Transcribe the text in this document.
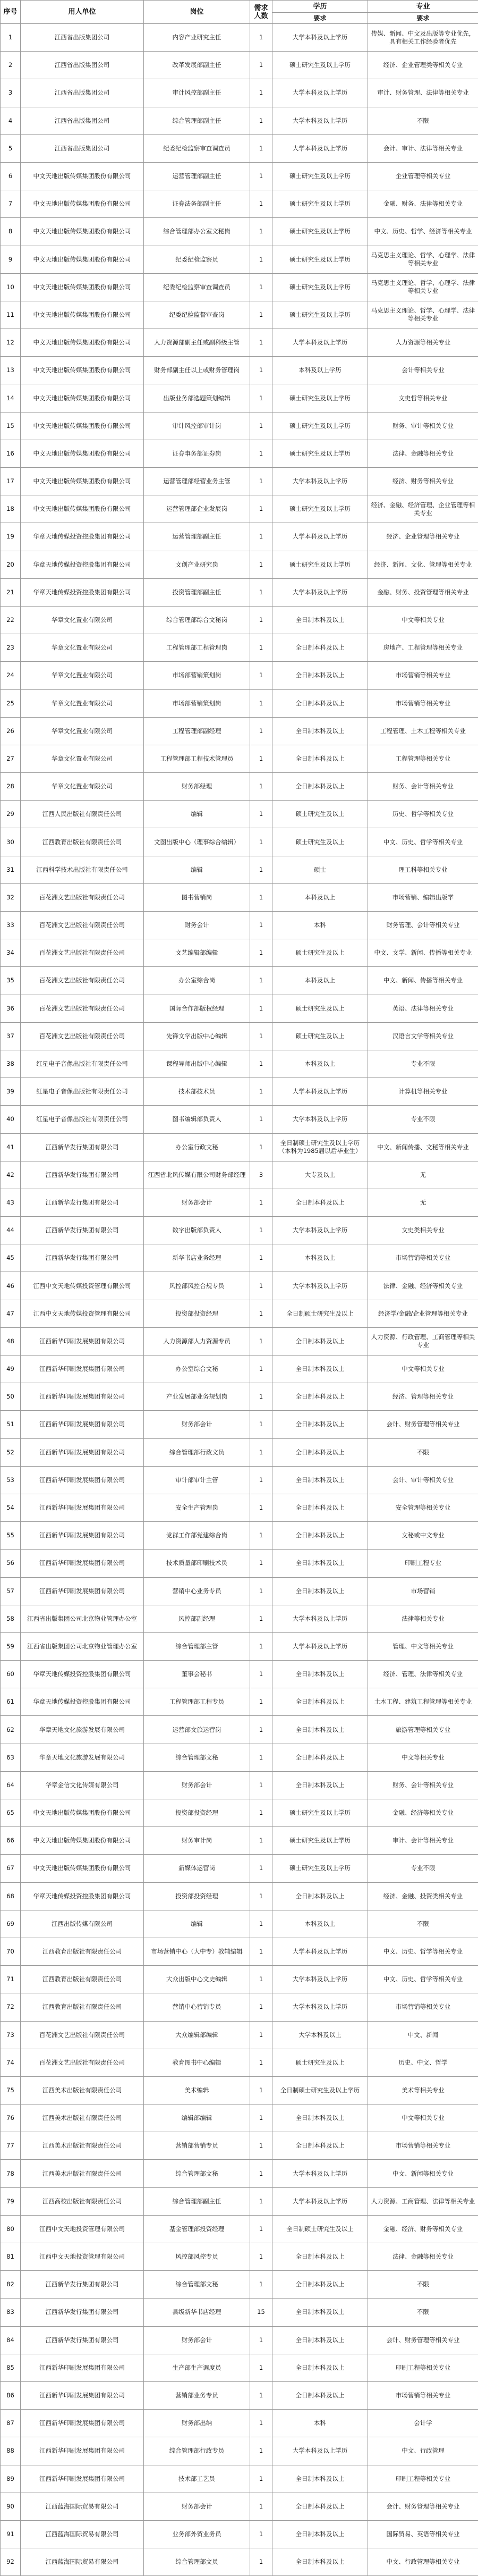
序号	用人单位	岗位	需求人数	学历	专业
				要求	要求
1	江西省出版集团公司	内容产业研究主任	1	大学本科及以上学历	传媒、新闻、中文及出版等专业优先，具有相关工作经验者优先
2	江西省出版集团公司	改革发展部副主任	1	硕士研究生及以上学历	经济、企业管理类等相关专业
3	江西省出版集团公司	审计风控部副主任	1	大学本科及以上学历	审计、财务管理、法律等相关专业
4	江西省出版集团公司	综合管理部副主任	1	大学本科及以上学历	不限
5	江西省出版集团公司	纪委纪检监察审查调查员	1	大学本科及以上学历	会计、审计、法律等相关专业
6	中文天地出版传媒集团股份有限公司	运营管理部副主任	1	硕士研究生及以上学历	企业管理等相关专业
7	中文天地出版传媒集团股份有限公司	证券法务部副主任	1	硕士研究生及以上学历	金融、财务、法律等相关专业
8	中文天地出版传媒集团股份有限公司	综合管理部办公室文秘岗	1	硕士研究生及以上学历	中文、历史、哲学、经济等相关专业
9	中文天地出版传媒集团股份有限公司	纪委纪检监察员	1	硕士研究生及以上学历	马克思主义理论、哲学、心理学、法律等相关专业
10	中文天地出版传媒集团股份有限公司	纪委纪检监察审查调查员	1	硕士研究生及以上学历	马克思主义理论、哲学、心理学、法律等相关专业
11	中文天地出版传媒集团股份有限公司	纪委纪检监督审查岗	1	硕士研究生及以上学历	马克思主义理论、哲学、心理学、法律等相关专业
12	中文天地出版传媒集团股份有限公司	人力资源部副主任或副科级主管	1	大学本科及以上学历	人力资源等相关专业
13	中文天地出版传媒集团股份有限公司	财务部副主任以上或财务管理岗	1	本科及以上学历	会计等相关专业
14	中文天地出版传媒集团股份有限公司	出版业务部选题策划编辑	1	硕士研究生及以上学历	文史哲等相关专业
15	中文天地出版传媒集团股份有限公司	审计风控部审计岗	1	硕士研究生及以上学历	财务、审计等相关专业
16	中文天地出版传媒集团股份有限公司	证券事务部证券岗	1	硕士研究生及以上学历	法律、金融等相关专业
17	中文天地出版传媒集团股份有限公司	运营管理部经营业务主管	1	大学本科及以上学历	经济、财务等相关专业
18	中文天地出版传媒集团股份有限公司	运营管理部企业发展岗	1	硕士研究生及以上学历	经济、金融、经济管理、企业管理等相关专业
19	华章天地传媒投资控股集团有限公司	运营管理部副主任	1	大学本科及以上学历	经济、企业管理等相关专业
20	华章天地传媒投资控股集团有限公司	文创产业研究岗	1	硕士研究生及以上学历	经济、新闻、文化、管理等相关专业
21	华章天地传媒投资控股集团有限公司	投资管理部副主任	1	大学本科及以上学历	金融、财务、投资管理等相关专业
22	华章文化置业有限公司	综合管理部综合文秘岗	1	全日制本科及以上	中文等相关专业
23	华章文化置业有限公司	工程管理部工程管理岗	1	全日制本科及以上	房地产、工程管理等相关专业
24	华章文化置业有限公司	市场部营销策划岗	1	全日制本科及以上	市场营销等相关专业
25	华章文化置业有限公司	市场部营销策划岗	1	全日制本科及以上	市场营销等相关专业
26	华章文化置业有限公司	工程管理部副经理	1	全日制本科及以上	工程管理、土木工程等相关专业
27	华章文化置业有限公司	工程管理部工程技术管理员	1	全日制本科及以上	工程管理等相关专业
28	华章文化置业有限公司	财务部经理	1	全日制本科及以上	财务、会计等相关专业
29	江西人民出版社有限责任公司	编辑	1	硕士研究生及以上	历史、哲学等相关专业
30	江西教育出版社有限责任公司	文图出版中心（理事综合编辑）	1	硕士研究生及以上	中文、历史、哲学等相关专业
31	江西科学技术出版社有限责任公司	编辑	1	硕士	理工科等相关专业
32	百花洲文艺出版社有限责任公司	图书营销岗	1	本科及以上	市场营销、编辑出版学
33	百花洲文艺出版社有限责任公司	财务会计	1	本科	财务管理、会计等相关专业
34	百花洲文艺出版社有限责任公司	文艺编辑部编辑	1	硕士研究生及以上	中文、文学、新闻、传播等相关专业
35	百花洲文艺出版社有限责任公司	办公室综合岗	1	本科及以上	中文、新闻、传播等相关专业
36	百花洲文艺出版社有限责任公司	国际合作部版权经理	1	硕士研究生及以上	英语、法律等相关专业
37	百花洲文艺出版社有限责任公司	先锋文学出版中心编辑	1	硕士研究生及以上	汉语言文学等相关专业
38	红星电子音像出版社有限责任公司	课程导师出版中心编辑	1	本科及以上	专业不限
39	红星电子音像出版社有限责任公司	技术部技术员	1	大学本科及以上学历	计算机等相关专业
40	红星电子音像出版社有限责任公司	图书编辑部负责人	1	大学本科及以上学历	专业不限
41	江西新华发行集团有限公司	办公室行政文秘	1	全日制硕士研究生及以上学历（本科为1985届以后毕业生）	中文、新闻传播、文秘等相关专业
42	江西新华发行集团有限公司	江西省北风传媒有限公司财务部经理	3	大专及以上	无
43	江西新华发行集团有限公司	财务部会计	1	全日制本科及以上	无
44	江西新华发行集团有限公司	数字出版部负责人	1	大学本科及以上学历	文史类相关专业
45	江西新华发行集团有限公司	新华书店业务经理	1	本科及以上	市场营销等相关专业
46	江西中文天地传媒投资管理有限公司	风控部风控合规专员	1	大学本科及以上学历	法律、金融、经济等相关专业
47	江西中文天地传媒投资管理有限公司	投资部投资经理	1	全日制硕士研究生及以上	经济学/金融/企业管理等相关专业
48	江西新华印刷发展集团有限公司	人力资源部人力资源专员	1	全日制本科及以上	人力资源、行政管理、工商管理等相关专业
49	江西新华印刷发展集团有限公司	办公室综合文秘	1	全日制本科及以上	中文等相关专业
50	江西新华印刷发展集团有限公司	产业发展部业务规划岗	1	全日制本科及以上	经济、管理等相关专业
51	江西新华印刷发展集团有限公司	财务部会计	1	全日制本科及以上	会计、财务管理等相关专业
52	江西新华印刷发展集团有限公司	综合管理部行政文员	1	全日制本科及以上	不限
53	江西新华印刷发展集团有限公司	审计部审计主管	1	全日制本科及以上	会计、审计等相关专业
54	江西新华印刷发展集团有限公司	安全生产管理岗	1	全日制本科及以上	安全管理等相关专业
55	江西新华印刷发展集团有限公司	党群工作部党建综合岗	1	全日制本科及以上	文秘或中文专业
56	江西新华印刷发展集团有限公司	技术质量部印刷技术员	1	全日制本科及以上	印刷工程专业
57	江西新华印刷发展集团有限公司	营销中心业务专员	1	全日制本科及以上	市场营销
58	江西省出版集团公司北京物业管理办公室	风控部副经理	1	大学本科及以上学历	法律等相关专业
59	江西省出版集团公司北京物业管理办公室	综合管理部主管	1	大学本科及以上学历	管理、中文等相关专业
60	华章天地传媒投资控股集团有限公司	董事会秘书	1	全日制本科及以上	经济、管理、法律等相关专业
61	华章天地传媒投资控股集团有限公司	工程管理部工程专员	1	全日制本科及以上	土木工程、建筑工程管理等相关专业
62	华章天地文化旅游发展有限公司	运营部文旅运营岗	1	全日制本科及以上	旅游管理等相关专业
63	华章天地文化旅游发展有限公司	综合管理部文秘	1	全日制本科及以上	中文等相关专业
64	华章金信文化传媒有限公司	财务部会计	1	全日制本科及以上	财务、会计等相关专业
65	中文天地出版传媒集团股份有限公司	投资部投资经理	1	硕士研究生及以上学历	金融、经济等相关专业
66	中文天地出版传媒集团股份有限公司	财务审计岗	1	硕士研究生及以上学历	审计、会计等相关专业
67	中文天地出版传媒集团股份有限公司	新媒体运营岗	1	硕士研究生及以上学历	专业不限
68	华章天地传媒投资控股集团有限公司	投资部投资经理	1	全日制本科及以上	经济、金融、投资类相关专业
69	江西出版传媒有限公司	编辑	1	本科及以上	不限
70	江西教育出版社有限责任公司	市场营销中心（大中专）教辅编辑	1	大学本科及以上学历	中文、历史、哲学等相关专业
71	江西教育出版社有限责任公司	大众出版中心文史编辑	1	大学本科及以上学历	中文、历史、哲学等相关专业
72	江西教育出版社有限责任公司	营销中心营销专员	1	大学本科及以上学历	市场营销等相关专业
73	百花洲文艺出版社有限责任公司	大众编辑部编辑	1	大学本科及以上	中文、新闻
74	百花洲文艺出版社有限责任公司	教育图书中心编辑	1	硕士研究生及以上	历史、中文、哲学
75	江西美术出版社有限责任公司	美术编辑	1	全日制硕士研究生及以上学历	美术等相关专业
76	江西美术出版社有限责任公司	编辑部编辑	1	全日制本科及以上	中文等相关专业
77	江西美术出版社有限责任公司	营销部营销专员	1	全日制本科及以上	市场营销等相关专业
78	江西美术出版社有限责任公司	综合管理部文秘	1	大学本科及以上学历	中文、新闻等相关专业
79	江西高校出版社有限责任公司	综合管理部副主任	1	大学本科及以上学历	人力资源、工商管理、法律等相关专业
80	江西中文天地投资管理有限公司	基金管理部投资经理	1	全日制硕士研究生及以上	金融、经济、财务等相关专业
81	江西中文天地投资管理有限公司	风控部风控专员	1	全日制本科及以上	法律、金融等相关专业
82	江西新华发行集团有限公司	综合管理部文秘	1	全日制本科及以上	不限
83	江西新华发行集团有限公司	县级新华书店经理	15	全日制本科及以上	不限
84	江西新华发行集团有限公司	财务部会计	1	全日制本科及以上	会计、财务管理等相关专业
85	江西新华印刷发展集团有限公司	生产部生产调度员	1	全日制本科及以上	印刷工程等相关专业
86	江西新华印刷发展集团有限公司	营销部业务专员	1	全日制本科及以上	市场营销等相关专业
87	江西新华印刷发展集团有限公司	财务部出纳	1	本科	会计学
88	江西新华印刷发展集团有限公司	综合管理部行政专员	1	大学本科及以上学历	中文、行政管理
89	江西新华印刷发展集团有限公司	技术部工艺员	1	全日制本科及以上	印刷工程等相关专业
90	江西蓝海国际贸易有限公司	财务部会计	1	全日制本科及以上	会计、财务管理等相关专业
91	江西蓝海国际贸易有限公司	业务部外贸业务员	1	全日制本科及以上	国际贸易、英语等相关专业
92	江西蓝海国际贸易有限公司	综合管理部文员	1	全日制本科及以上	中文、行政管理等相关专业
